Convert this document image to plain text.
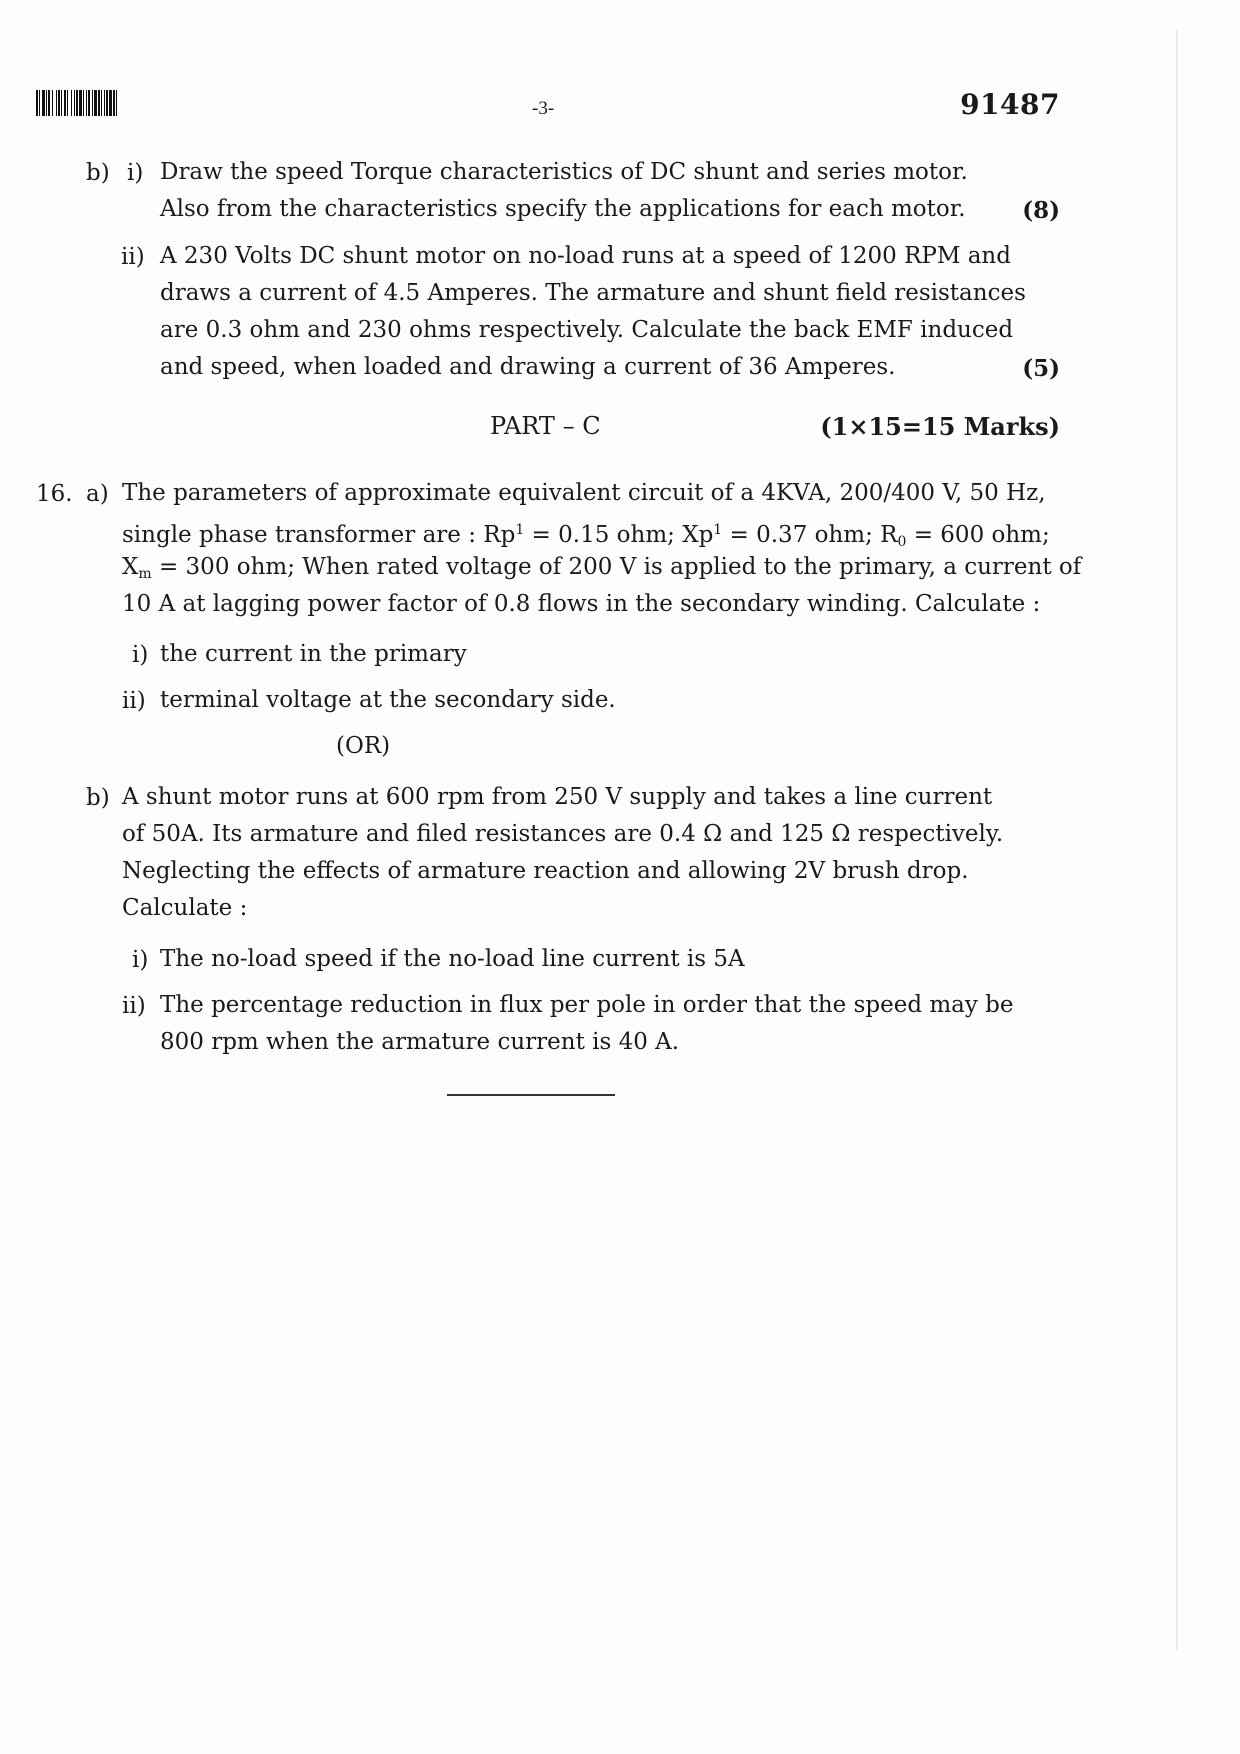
-3-	91487
b) i) Draw the speed Torque characteristics of DC shunt and series motor.
Also from the characteristics specify the applications for each motor. (8)
ii) A 230 Volts DC shunt motor on no-load runs at a speed of 1200 RPM and
draws a current of 4.5 Amperes. The armature and shunt field resistances
are 0.3 ohm and 230 ohms respectively. Calculate the back EMF induced
and speed, when loaded and drawing a current of 36 Amperes.	(5)
PART – C	(1×15=15 Marks)
16. a) The parameters of approximate equivalent circuit of a 4KVA, 200/400 V, 50 Hz,
single phase transformer are : $Rp^1 = 0.15$ ohm; $Xp^1 = 0.37$ ohm; $R_0 = 600$ ohm;
$X_m = 300$ ohm; When rated voltage of 200 V is applied to the primary, a current of
10 A at lagging power factor of 0.8 flows in the secondary winding. Calculate :
i) the current in the primary
ii) terminal voltage at the secondary side.
(OR)
b) A shunt motor runs at 600 rpm from 250 V supply and takes a line current
of 50A. Its armature and filed resistances are 0.4 Ω and 125 Ω respectively.
Neglecting the effects of armature reaction and allowing 2V brush drop.
Calculate :
i) The no-load speed if the no-load line current is 5A
ii) The percentage reduction in flux per pole in order that the speed may be
800 rpm when the armature current is 40 A.
